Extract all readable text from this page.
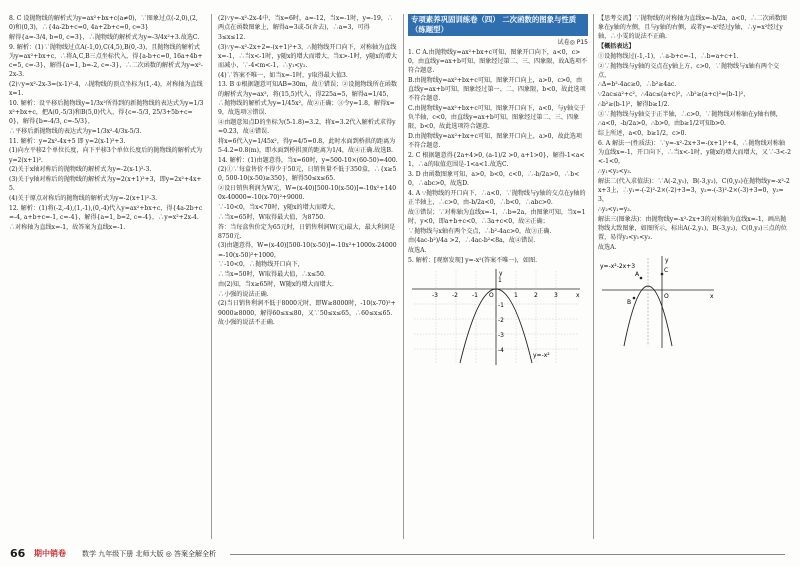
8. C 设抛物线的解析式为y=ax²+bx+c(a≠0)，∵图象过点(-2,0),(2,0)和(0,3)，∴{4a-2b+c=0, 4a+2b+c=0, c=3}

解得{a=-3/4, b=0, c=3}，∴抛物线的解析式为y=-3/4x²+3.故选C.

9. 解析：(1)∵抛物线过点A(-1,0),C(4,5),B(0,-3)，且抛物线的解析式为y=ax²+bx+c，∴将A,C,B三点坐标代入，得{a-b+c=0, 16a+4b+c=5, c=-3}，解得{a=1, b=-2, c=-3}，∴二次函数的解析式为y=x²-2x-3.

(2)∵y=x²-2x-3=(x-1)²-4，∴抛物线的顶点坐标为(1,-4)，对称轴为直线x=1.

10. 解析：设平移后抛物线y=1/3x²所得到的新抛物线的表达式为y=1/3x²+bx+c，把A(0,-5/3)和B(5,0)代入，得{c=-5/3, 25/3+5b+c=0}，解得{b=-4/3, c=-5/3}，

∴平移后新抛物线的表达式为y=1/3x²-4/3x-5/3.

11. 解析：y=2x²-4x+5 即 y=2(x-1)²+3.

(1)向左平移2个单位长度，向下平移3个单位长度后的抛物线的解析式为y=2(x+1)².

(2)关于x轴对称后的抛物线的解析式为y=-2(x-1)²-3.

(3)关于y轴对称后的抛物线的解析式为y=2(x+1)²+3，即y=2x²+4x+5.

(4)关于原点对称后的抛物线的解析式为y=-2(x+1)²-3.

12. 解析：(1)将(-2,-4),(1,-1),(0,-4)代入y=ax²+bx+c，得{4a-2b+c=-4, a+b+c=-1, c=-4}，解得{a=1, b=2, c=-4}，∴y=x²+2x-4.

∴对称轴为直线x=-1，故答案为直线x=-1.

(2)∵y=-x²-2x-4中，当x=6时，a=-12，当x=-1时，y=-19，∴两点在函数图象上，解得a=3或-5(舍去)，∴a=3，可得

3≤x≤12.

(3)∵y=-x²-2x+2=-(x+1)²+3，∴抛物线开口向下，对称轴为直线x=-1，∴当x<-1时，y随x的增大而增大，当x>-1时，y随x的增大而减小，∵-4<m<-1，∴y₁<y₂.

(4)∵答案不唯一，如当x=-1时，y取得最大值3.

13. B ①根据题意可知AB=30m，故①错误；②设抛物线所在函数的解析式为y=ax²，将(15,5)代入，得225a=5，解得a=1/45，∴抛物线的解析式为y=1/45x²，故②正确；③令y=1.8，解得x=9，故选项③错误.

④由题意知点D的坐标为(5-1.8)=3.2，将x=3.2代入解析式求得y≈0.23，故④错误.

将x=6代入y=1/45x²，得y=4/5=0.8，此时水面到桥拱的距离为5-4.2=0.8(m)，即水面到桥拱顶的距离为1/4，故④正确.故选B.

14. 解析：(1)由题意得，当x=60时，y=500-10×(60-50)=400.

(2)①∵每盒售价不得少于50元，日销售量不低于350盒，∴{x≥50, 500-10(x-50)≥350}，解得50≤x≤65.

②设日销售利润为W元，W=(x-40)[500-10(x-50)]=-10x²+1400x-40000=-10(x-70)²+9000.

∵-10<0，当x<70时，y随x的增大而增大，

∴当x=65时，W取得最大值，为8750.

答：当每盒售价定为65元时，日销售利润W(元)最大，最大利润是8750元.

(3)由题意得，W=(x-40)[500-10(x-50)]=-10x²+1000x-24000=-10(x-50)²+1000，

∵-10<0，∴抛物线开口向下，

∴当x=50时，W取得最大值，∴x≤50.

由(2)知，当x≥65时，W随x的增大而增大.

∴小强的说法正确.

(2)当日销售利润不低于8000元时，即W≥8000时，-10(x-70)²+9000≥8000，解得60≤x≤80，又∵50≤x≤65，∴60≤x≤65.

故小强的说法不正确.

专项素养巩固训练卷（四） 二次函数的图象与性质（练题型）
试卷◎ P15

1. C A.由抛物线y=ax²+bx+c可知，图象开口向下，a<0，c>0，由直线y=ax+b可知，图象经过第二、三、四象限，故A选项不符合题意.

B.由抛物线y=ax²+bx+c可知，图象开口向上，a>0，c>0，由直线y=ax+b可知，图象经过第一、二、四象限，b<0，故此选项不符合题意.

C.由抛物线y=ax²+bx+c可知，图象开口向下，a<0，与y轴交于负半轴，c<0，由直线y=ax+b可知，图象经过第二、三、四象限，b<0，故此选项符合题意.

D.由抛物线y=ax²+bx+c可知，图象开口向上，a>0，故此选项不符合题意.

2. C 根据题意得{2a+4>0, (a-1)/2 >0, a+1>0}，解得-1<a<1，∴a的取值范围是-1<a<1.故选C.

3. D 由函数图象可知，a>0，b<0，c<0，∴-b/2a>0，∴b<0，∴abc>0，故选D.

4. A ∵抛物线的开口向下，∴a<0，∵抛物线与y轴的交点在y轴的正半轴上，∴c>0，由-b/2a<0，∴b<0，∴abc>0.

故①错误；∵对称轴为直线x=-1，∴b=2a，由图象可知，当x=1时，y<0，即a+b+c<0，∴3a+c<0，故②正确；

∵抛物线与x轴有两个交点，∴b²-4ac>0，故③正确.

由(4ac-b²)/4a >2，∴4ac-b²<8a，故④错误.

故选A.

5. 解析：[观察发现] y=-x²(答案不唯一)，如图.

x
y
O
-3 -2 -1	1	2	3
1
-1
-2
-3
-4
y=-x²

【思考交流】∵抛物线的对称轴为直线x=-b/2a，a<0，∴二次函数图象在y轴的左侧，且与y轴的右侧，或者y=-x²经过y轴，∴y=x²经过y轴，∴小雯的说法不正确.

【概括表达】

①设抛物线过(-1,-1)，∴a-b+c=-1，∴b=a+c+1.

②∵抛物线与y轴的交点在y轴上方，c>0，∵抛物线与x轴有两个交点，

∴Δ=b²-4ac≥0，∴b²≥4ac.

∵2ac≤a²+c²，∴4ac≤(a+c)²，∴b²≥(a+c)²=(b-1)²，

∴b²≥(b-1)²，解得b≥1/2.

③∵抛物线与y轴交于正半轴，∴c>0，∵抛物线对称轴在y轴右侧，

∴a<0，-b/2a>0，∴b>0，由b≥1/2可知b>0.

综上所述，a<0，b≥1/2，c>0.

6. A 解法一(性质法)：∵y=-x²-2x+3=-(x+1)²+4，∴抛物线对称轴为直线x=-1，开口向下，∴当x<-1时，y随x的增大而增大，又∵-3<-2<-1<0，

∴y₁<y₂<y₃.

解法二(代入求值法)：∵A(-2,y₁)，B(-3,y₂)，C(0,y₃)在抛物线y=-x²-2x+3上，∴y₁=-(-2)²-2×(-2)+3=3，y₂=-(-3)²-2×(-3)+3=0，y₃=3，

∴y₂<y₁=y₃.

解法三(图象法)：由抛物线y=-x²-2x+3的对称轴为直线x=-1，画出抛物线大致图象，如图所示，标出A(-2,y₁)，B(-3,y₂)，C(0,y₃)三点的位置，易得y₂<y₁<y₃.

故选A.

A
B
C
x
y
O
y=-x²-2x+3
66 期中销卷 数学 九年级下册 北师大版 ◎ 答案全解全析
